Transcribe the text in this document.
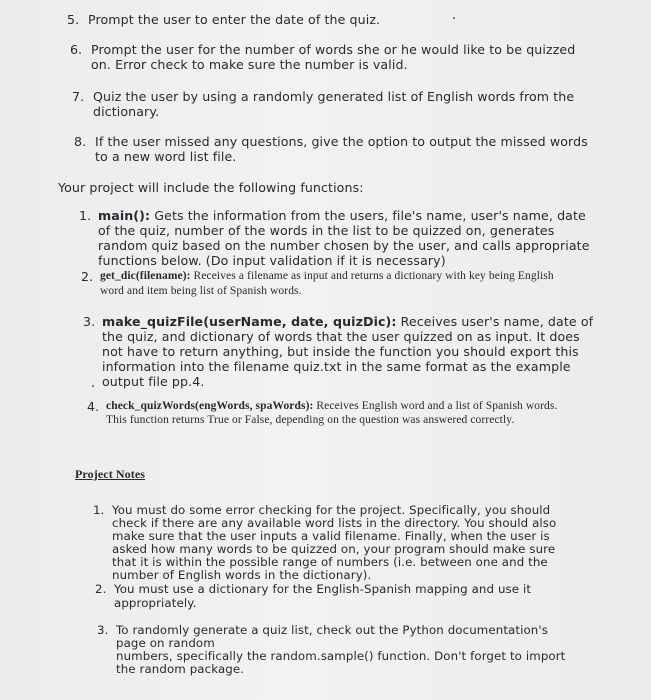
5. Prompt the user to enter the date of the quiz.
6. Prompt the user for the number of words she or he would like to be quizzed
on. Error check to make sure the number is valid.
7. Quiz the user by using a randomly generated list of English words from the
dictionary.
8. If the user missed any questions, give the option to output the missed words
to a new word list file.
Your project will include the following functions:
1. main(): Gets the information from the users, file's name, user's name, date
of the quiz, number of the words in the list to be quizzed on, generates
random quiz based on the number chosen by the user, and calls appropriate
functions below. (Do input validation if it is necessary)
2. get_dic(filename): Receives a filename as input and returns a dictionary with key being English
word and item being list of Spanish words.
3. make_quizFile(userName, date, quizDic): Receives user's name, date of
the quiz, and dictionary of words that the user quizzed on as input. It does
not have to return anything, but inside the function you should export this
information into the filename quiz.txt in the same format as the example
output file pp.4.
4. check_quizWords(engWords, spaWords): Receives English word and a list of Spanish words.
This function returns True or False, depending on the question was answered correctly.
Project Notes
1. You must do some error checking for the project. Specifically, you should
check if there are any available word lists in the directory. You should also
make sure that the user inputs a valid filename. Finally, when the user is
asked how many words to be quizzed on, your program should make sure
that it is within the possible range of numbers (i.e. between one and the
number of English words in the dictionary).
2. You must use a dictionary for the English-Spanish mapping and use it
appropriately.
3. To randomly generate a quiz list, check out the Python documentation's
page on random
numbers, specifically the random.sample() function. Don't forget to import
the random package.
